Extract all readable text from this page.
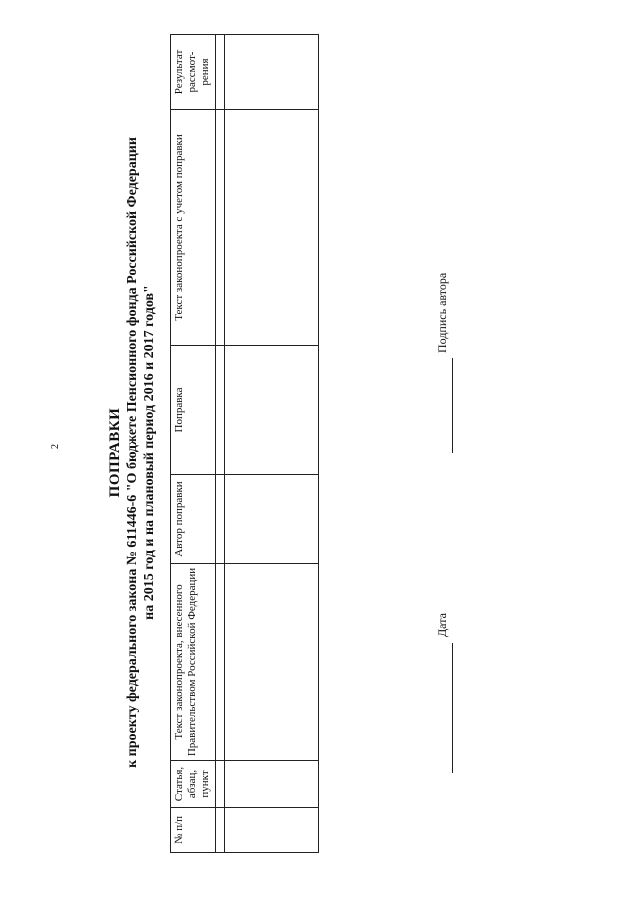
2	ПОПРАВКИ к проекту федерального закона № 611446-6 "О бюджете Пенсионного фонда Российской Федерации на 2015 год и на плановый период 2016 и 2017 годов"
№ п/п	Статья, абзац, пункт	Текст законопроекта, внесенного Правительством Российской Федерации	Автор поправки	Поправка	Текст законопроекта с учетом поправки	Результат рассмот-рения

Дата
Подпись автора
